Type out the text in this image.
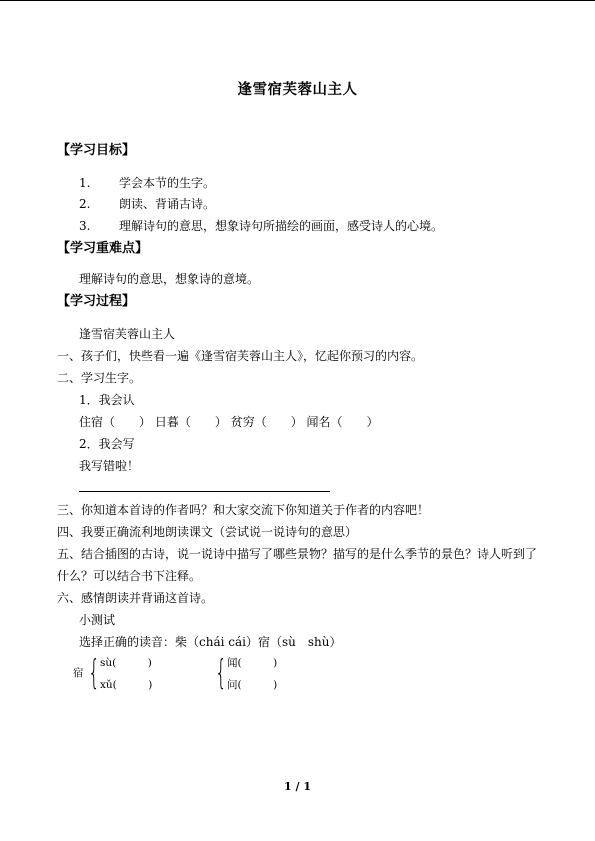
逢雪宿芙蓉山主人
【学习目标】
1. 学会本节的生字。
2. 朗读、背诵古诗。
3. 理解诗句的意思，想象诗句所描绘的画面，感受诗人的心境。
【学习重难点】
理解诗句的意思，想象诗的意境。
【学习过程】
逢雪宿芙蓉山主人
一、孩子们，快些看一遍《逢雪宿芙蓉山主人》，忆起你预习的内容。
二、学习生字。
1．我会认
住宿（　　） 日暮（　　） 贫穷（　　） 闻名（　　）
2．我会写
我写错啦！
三、你知道本首诗的作者吗？和大家交流下你知道关于作者的内容吧！
四、我要正确流利地朗读课文（尝试说一说诗句的意思）
五、结合插图的古诗，说一说诗中描写了哪些景物？描写的是什么季节的景色？诗人听到了
什么？可以结合书下注释。
六、感情朗读并背诵这首诗。
小测试
选择正确的读音：柴（chái cái）宿（sù　shù）
宿 { sù(　　　)
xǔ(　　　) { 闻(　　　)
问(　　　)
1 / 1
